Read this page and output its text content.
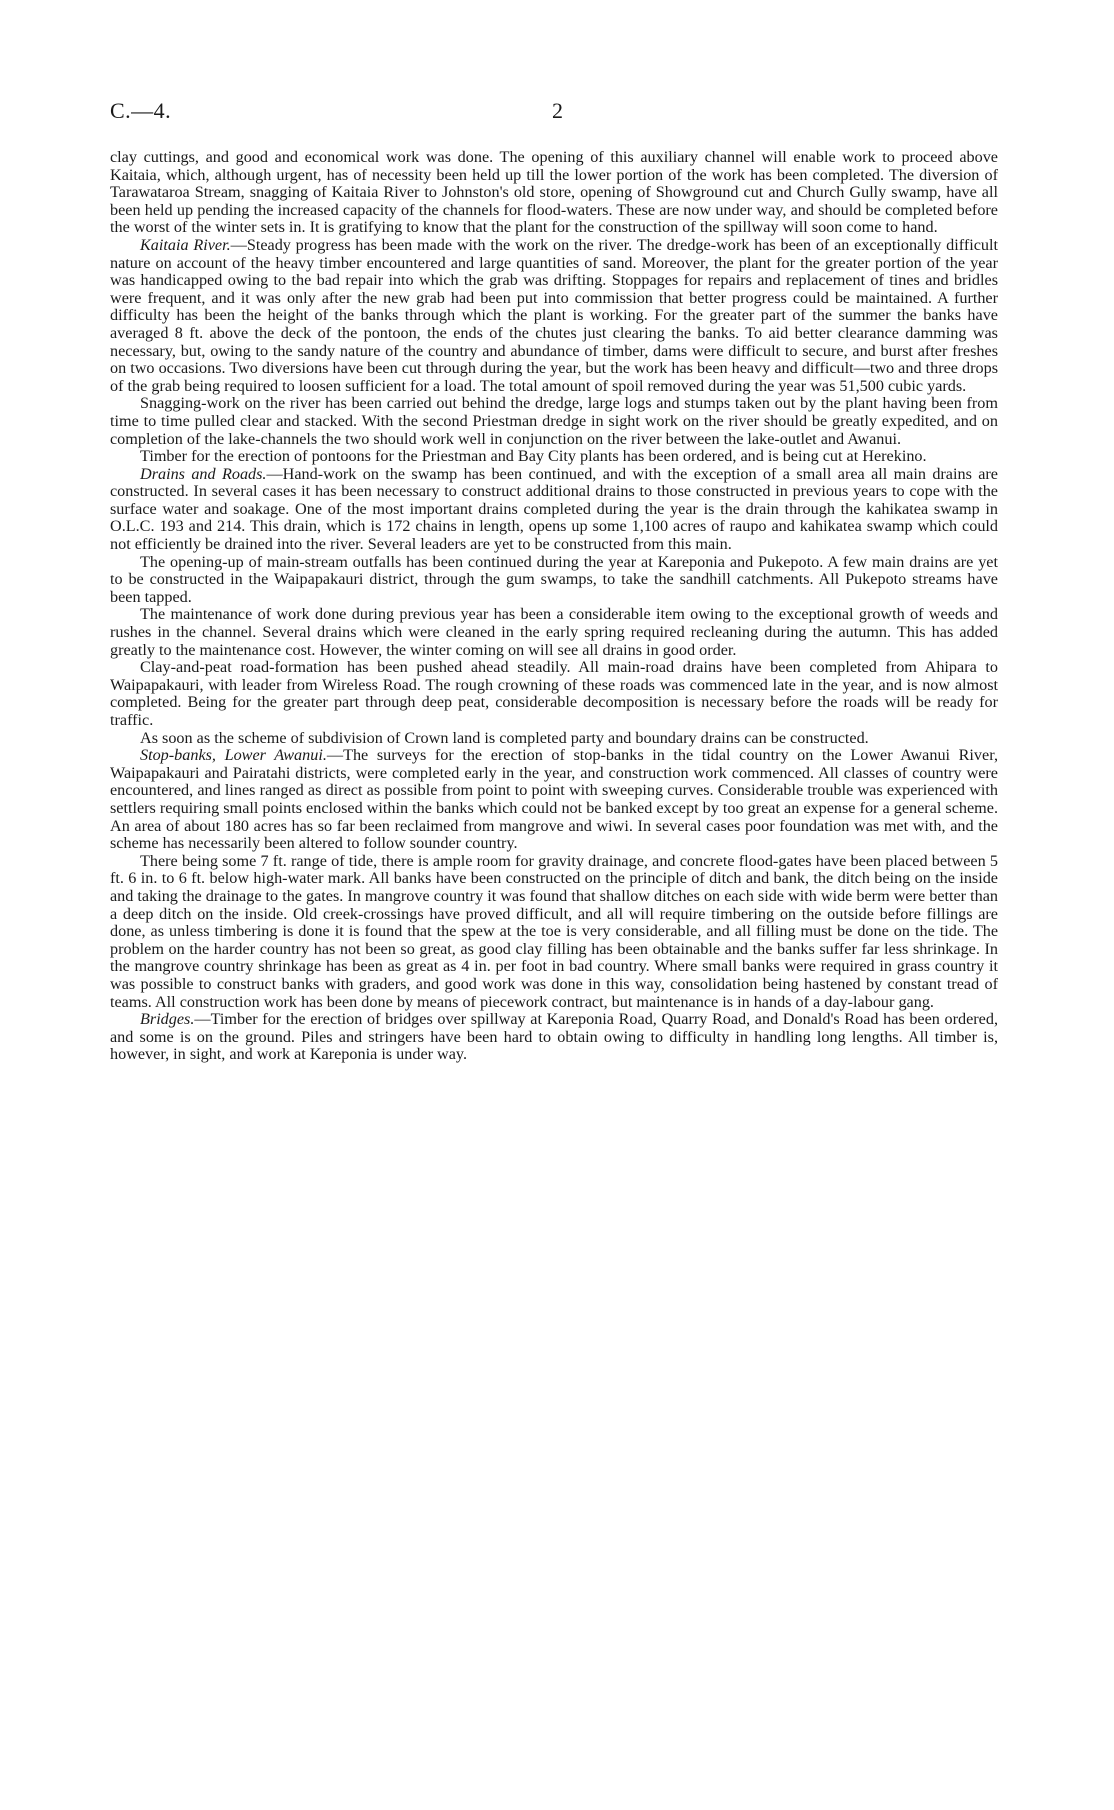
C.—4.	2

clay cuttings, and good and economical work was done. The opening of this auxiliary channel will enable work to proceed above Kaitaia, which, although urgent, has of necessity been held up till the lower portion of the work has been completed. The diversion of Tarawataroa Stream, snagging of Kaitaia River to Johnston's old store, opening of Showground cut and Church Gully swamp, have all been held up pending the increased capacity of the channels for flood-waters. These are now under way, and should be completed before the worst of the winter sets in. It is gratifying to know that the plant for the construction of the spillway will soon come to hand.

Kaitaia River.—Steady progress has been made with the work on the river. The dredge-work has been of an exceptionally difficult nature on account of the heavy timber encountered and large quantities of sand. Moreover, the plant for the greater portion of the year was handicapped owing to the bad repair into which the grab was drifting. Stoppages for repairs and replacement of tines and bridles were frequent, and it was only after the new grab had been put into commission that better progress could be maintained. A further difficulty has been the height of the banks through which the plant is working. For the greater part of the summer the banks have averaged 8 ft. above the deck of the pontoon, the ends of the chutes just clearing the banks. To aid better clearance damming was necessary, but, owing to the sandy nature of the country and abundance of timber, dams were difficult to secure, and burst after freshes on two occasions. Two diversions have been cut through during the year, but the work has been heavy and difficult—two and three drops of the grab being required to loosen sufficient for a load. The total amount of spoil removed during the year was 51,500 cubic yards.

Snagging-work on the river has been carried out behind the dredge, large logs and stumps taken out by the plant having been from time to time pulled clear and stacked. With the second Priestman dredge in sight work on the river should be greatly expedited, and on completion of the lake-channels the two should work well in conjunction on the river between the lake-outlet and Awanui.

Timber for the erection of pontoons for the Priestman and Bay City plants has been ordered, and is being cut at Herekino.

Drains and Roads.—Hand-work on the swamp has been continued, and with the exception of a small area all main drains are constructed. In several cases it has been necessary to construct additional drains to those constructed in previous years to cope with the surface water and soakage. One of the most important drains completed during the year is the drain through the kahikatea swamp in O.L.C. 193 and 214. This drain, which is 172 chains in length, opens up some 1,100 acres of raupo and kahikatea swamp which could not efficiently be drained into the river. Several leaders are yet to be constructed from this main.

The opening-up of main-stream outfalls has been continued during the year at Kareponia and Pukepoto. A few main drains are yet to be constructed in the Waipapakauri district, through the gum swamps, to take the sandhill catchments. All Pukepoto streams have been tapped.

The maintenance of work done during previous year has been a considerable item owing to the exceptional growth of weeds and rushes in the channel. Several drains which were cleaned in the early spring required recleaning during the autumn. This has added greatly to the maintenance cost. However, the winter coming on will see all drains in good order.

Clay-and-peat road-formation has been pushed ahead steadily. All main-road drains have been completed from Ahipara to Waipapakauri, with leader from Wireless Road. The rough crowning of these roads was commenced late in the year, and is now almost completed. Being for the greater part through deep peat, considerable decomposition is necessary before the roads will be ready for traffic.

As soon as the scheme of subdivision of Crown land is completed party and boundary drains can be constructed.

Stop-banks, Lower Awanui.—The surveys for the erection of stop-banks in the tidal country on the Lower Awanui River, Waipapakauri and Pairatahi districts, were completed early in the year, and construction work commenced. All classes of country were encountered, and lines ranged as direct as possible from point to point with sweeping curves. Considerable trouble was experienced with settlers requiring small points enclosed within the banks which could not be banked except by too great an expense for a general scheme. An area of about 180 acres has so far been reclaimed from mangrove and wiwi. In several cases poor foundation was met with, and the scheme has necessarily been altered to follow sounder country.

There being some 7 ft. range of tide, there is ample room for gravity drainage, and concrete flood-gates have been placed between 5 ft. 6 in. to 6 ft. below high-water mark. All banks have been constructed on the principle of ditch and bank, the ditch being on the inside and taking the drainage to the gates. In mangrove country it was found that shallow ditches on each side with wide berm were better than a deep ditch on the inside. Old creek-crossings have proved difficult, and all will require timbering on the outside before fillings are done, as unless timbering is done it is found that the spew at the toe is very considerable, and all filling must be done on the tide. The problem on the harder country has not been so great, as good clay filling has been obtainable and the banks suffer far less shrinkage. In the mangrove country shrinkage has been as great as 4 in. per foot in bad country. Where small banks were required in grass country it was possible to construct banks with graders, and good work was done in this way, consolidation being hastened by constant tread of teams. All construction work has been done by means of piecework contract, but maintenance is in hands of a day-labour gang.

Bridges.—Timber for the erection of bridges over spillway at Kareponia Road, Quarry Road, and Donald's Road has been ordered, and some is on the ground. Piles and stringers have been hard to obtain owing to difficulty in handling long lengths. All timber is, however, in sight, and work at Kareponia is under way.
